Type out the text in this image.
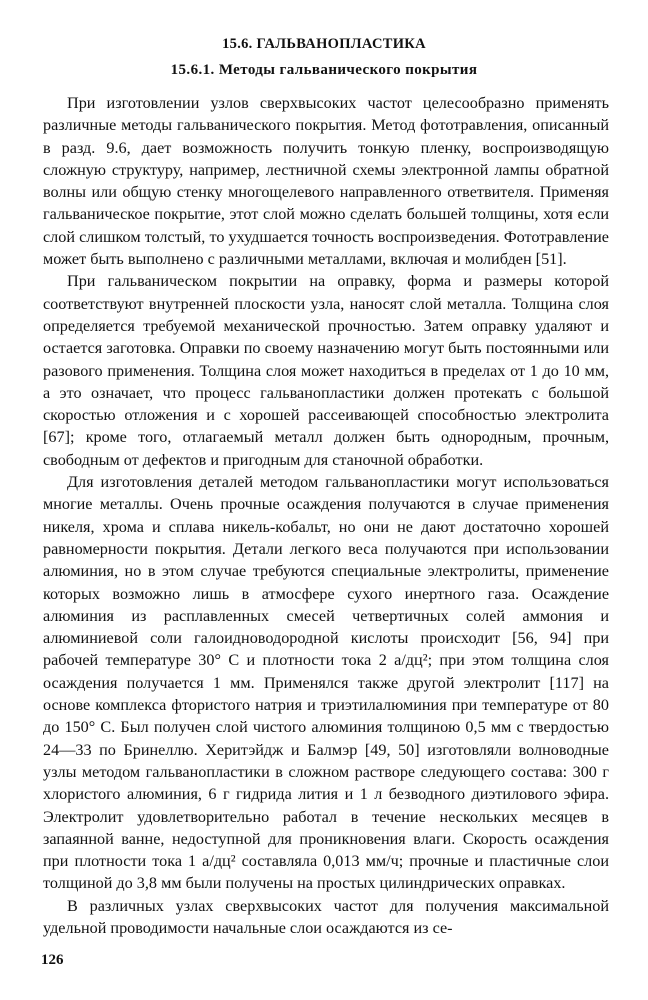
15.6. ГАЛЬВАНОПЛАСТИКА
15.6.1. Методы гальванического покрытия

При изготовлении узлов сверхвысоких частот целесообразно применять различные методы гальванического покрытия. Метод фототравления, описанный в разд. 9.6, дает возможность получить тонкую пленку, воспроизводящую сложную структуру, например, лестничной схемы электронной лампы обратной волны или общую стенку многощелевого направленного ответвителя. Применяя гальваническое покрытие, этот слой можно сделать большей толщины, хотя если слой слишком толстый, то ухудшается точность воспроизведения. Фототравление может быть выполнено с различными металлами, включая и молибден [51].

При гальваническом покрытии на оправку, форма и размеры которой соответствуют внутренней плоскости узла, наносят слой металла. Толщина слоя определяется требуемой механической прочностью. Затем оправку удаляют и остается заготовка. Оправки по своему назначению могут быть постоянными или разового применения. Толщина слоя может находиться в пределах от 1 до 10 мм, а это означает, что процесс гальванопластики должен протекать с большой скоростью отложения и с хорошей рассеивающей способностью электролита [67]; кроме того, отлагаемый металл должен быть однородным, прочным, свободным от дефектов и пригодным для станочной обработки.

Для изготовления деталей методом гальванопластики могут использоваться многие металлы. Очень прочные осаждения получаются в случае применения никеля, хрома и сплава никель-кобальт, но они не дают достаточно хорошей равномерности покрытия. Детали легкого веса получаются при использовании алюминия, но в этом случае требуются специальные электролиты, применение которых возможно лишь в атмосфере сухого инертного газа. Осаждение алюминия из расплавленных смесей четвертичных солей аммония и алюминиевой соли галоидноводородной кислоты происходит [56, 94] при рабочей температуре 30° С и плотности тока 2 а/дц²; при этом толщина слоя осаждения получается 1 мм. Применялся также другой электролит [117] на основе комплекса фтористого натрия и триэтилалюминия при температуре от 80 до 150° С. Был получен слой чистого алюминия толщиною 0,5 мм с твердостью 24—33 по Бринеллю. Херитэйдж и Балмэр [49, 50] изготовляли волноводные узлы методом гальванопластики в сложном растворе следующего состава: 300 г хлористого алюминия, 6 г гидрида лития и 1 л безводного диэтилового эфира. Электролит удовлетворительно работал в течение нескольких месяцев в запаянной ванне, недоступной для проникновения влаги. Скорость осаждения при плотности тока 1 а/дц² составляла 0,013 мм/ч; прочные и пластичные слои толщиной до 3,8 мм были получены на простых цилиндрических оправках.

В различных узлах сверхвысоких частот для получения максимальной удельной проводимости начальные слои осаждаются из се-

126
